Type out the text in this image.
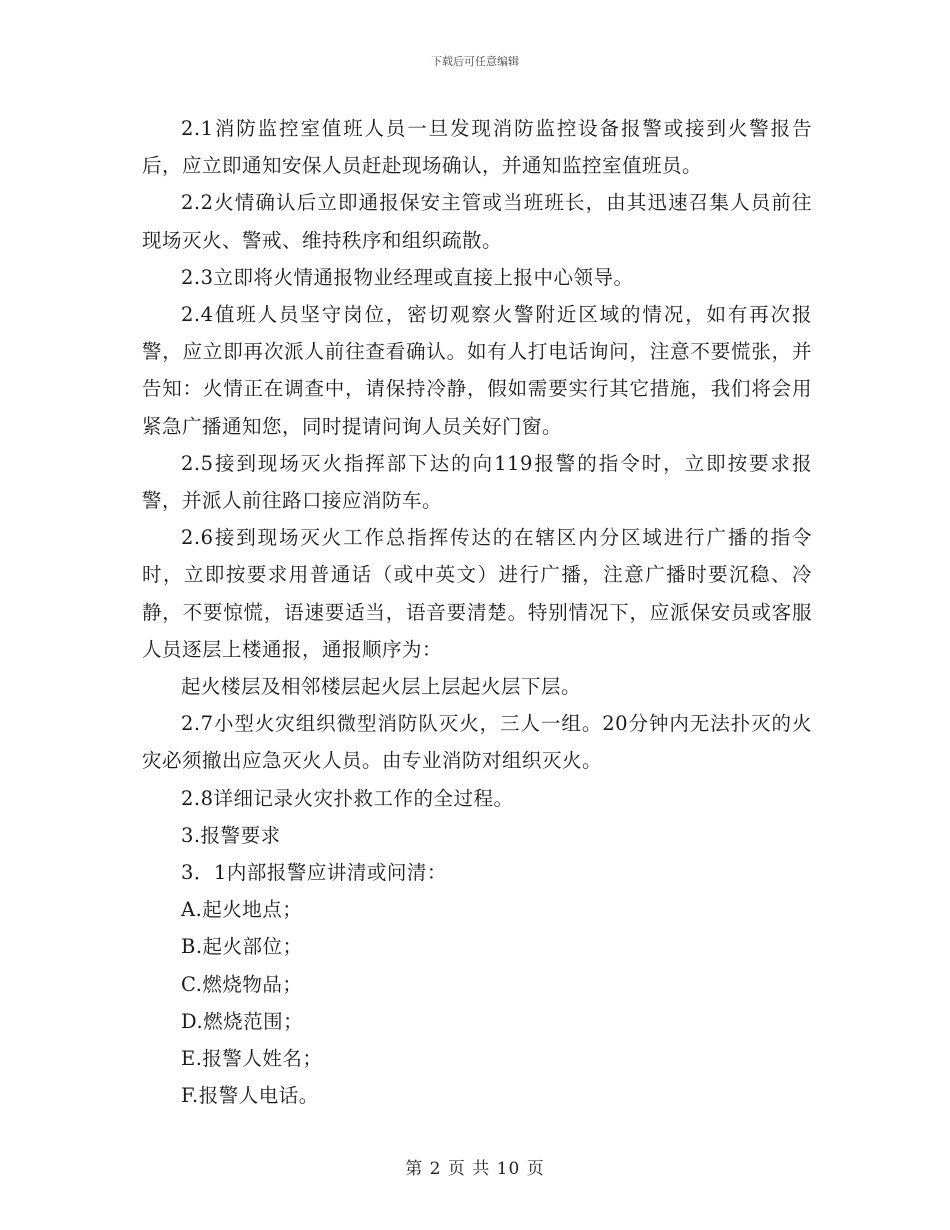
下载后可任意编辑

2.1消防监控室值班人员一旦发现消防监控设备报警或接到火警报告后，应立即通知安保人员赶赴现场确认，并通知监控室值班员。

2.2火情确认后立即通报保安主管或当班班长，由其迅速召集人员前往现场灭火、警戒、维持秩序和组织疏散。

2.3立即将火情通报物业经理或直接上报中心领导。

2.4值班人员坚守岗位，密切观察火警附近区域的情况，如有再次报警，应立即再次派人前往查看确认。如有人打电话询问，注意不要慌张，并告知：火情正在调查中，请保持冷静，假如需要实行其它措施，我们将会用紧急广播通知您，同时提请问询人员关好门窗。

2.5接到现场灭火指挥部下达的向119报警的指令时，立即按要求报警，并派人前往路口接应消防车。

2.6接到现场灭火工作总指挥传达的在辖区内分区域进行广播的指令时，立即按要求用普通话（或中英文）进行广播，注意广播时要沉稳、冷静，不要惊慌，语速要适当，语音要清楚。特别情况下，应派保安员或客服人员逐层上楼通报，通报顺序为：

起火楼层及相邻楼层起火层上层起火层下层。

2.7小型火灾组织微型消防队灭火，三人一组。20分钟内无法扑灭的火灾必须撤出应急灭火人员。由专业消防对组织灭火。

2.8详细记录火灾扑救工作的全过程。

3.报警要求

3．1内部报警应讲清或问清：

A.起火地点；

B.起火部位；

C.燃烧物品；

D.燃烧范围；

E.报警人姓名；

F.报警人电话。

第 2 页 共 10 页
